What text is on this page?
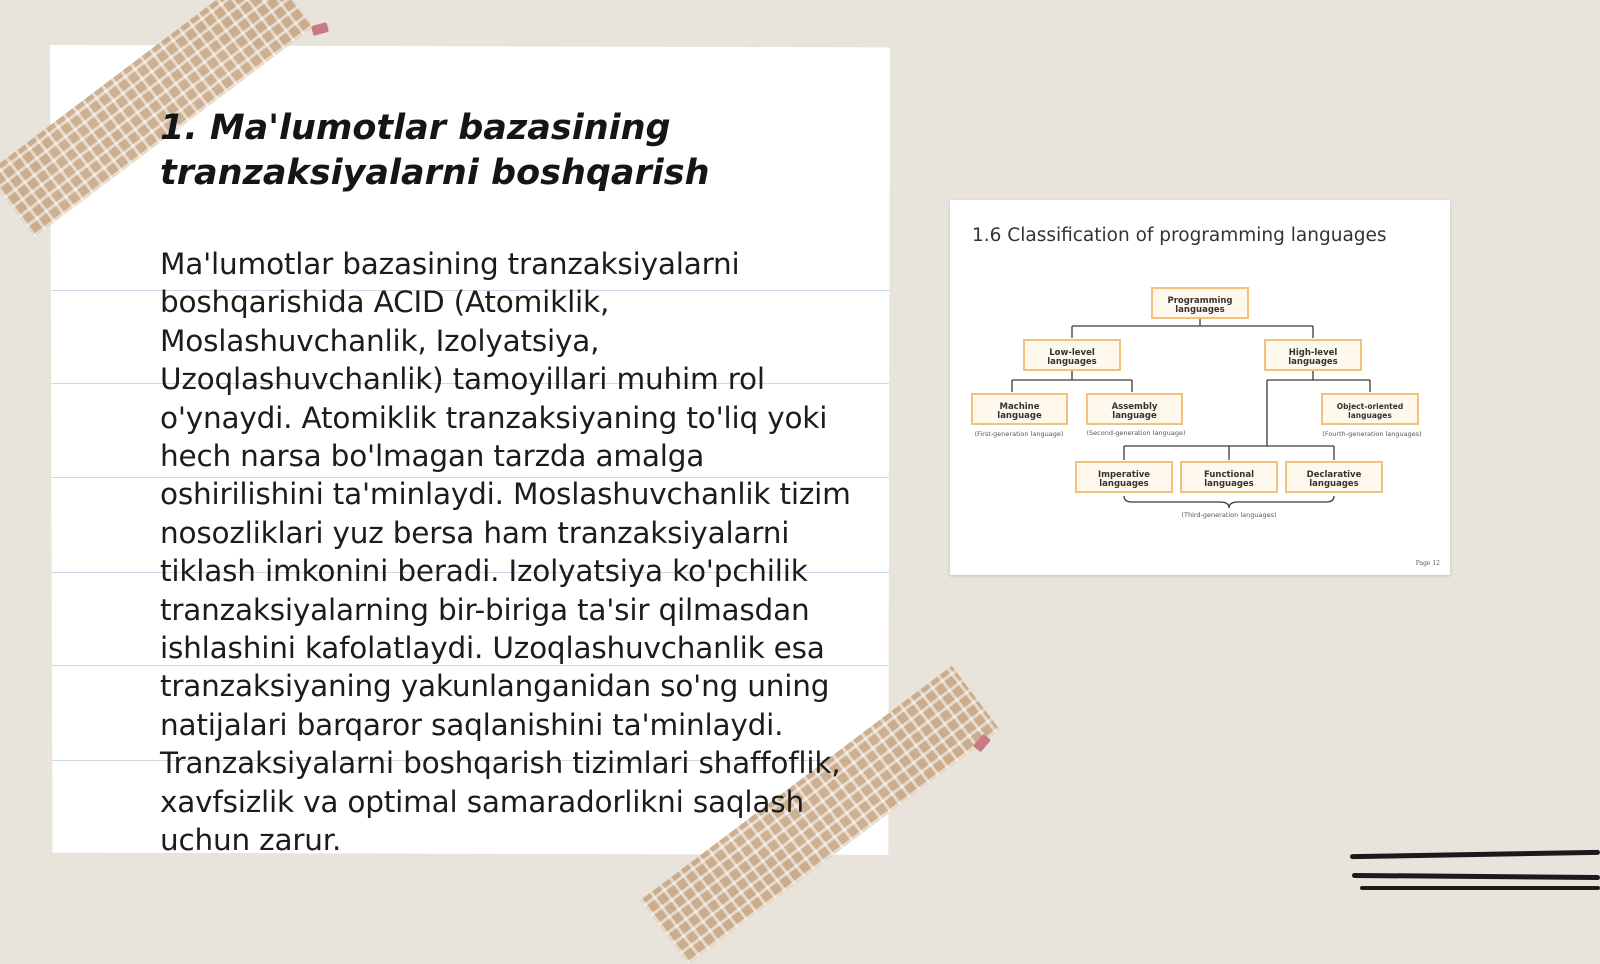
1. Ma'lumotlar bazasining tranzaksiyalarni boshqarish

Ma'lumotlar bazasining tranzaksiyalarni boshqarishida ACID (Atomiklik, Moslashuvchanlik, Izolyatsiya, Uzoqlashuvchanlik) tamoyillari muhim rol o'ynaydi. Atomiklik tranzaksiyaning to'liq yoki hech narsa bo'lmagan tarzda amalga oshirilishini ta'minlaydi. Moslashuvchanlik tizim nosozliklari yuz bersa ham tranzaksiyalarni tiklash imkonini beradi. Izolyatsiya ko'pchilik tranzaksiyalarning bir-biriga ta'sir qilmasdan ishlashini kafolatlaydi. Uzoqlashuvchanlik esa tranzaksiyaning yakunlanganidan so'ng uning natijalari barqaror saqlanishini ta'minlaydi. Tranzaksiyalarni boshqarish tizimlari shaffoflik, xavfsizlik va optimal samaradorlikni saqlash uchun zarur.

1.6 Classification of programming languages
Programming languages
Low-level languages
High-level languages
Machine language
Assembly language
Object-oriented languages
Imperative languages
Functional languages
Declarative languages
(First-generation language)	(Second-generation language)	(Fourth-generation languages)
(Third-generation languages)
Page 12
